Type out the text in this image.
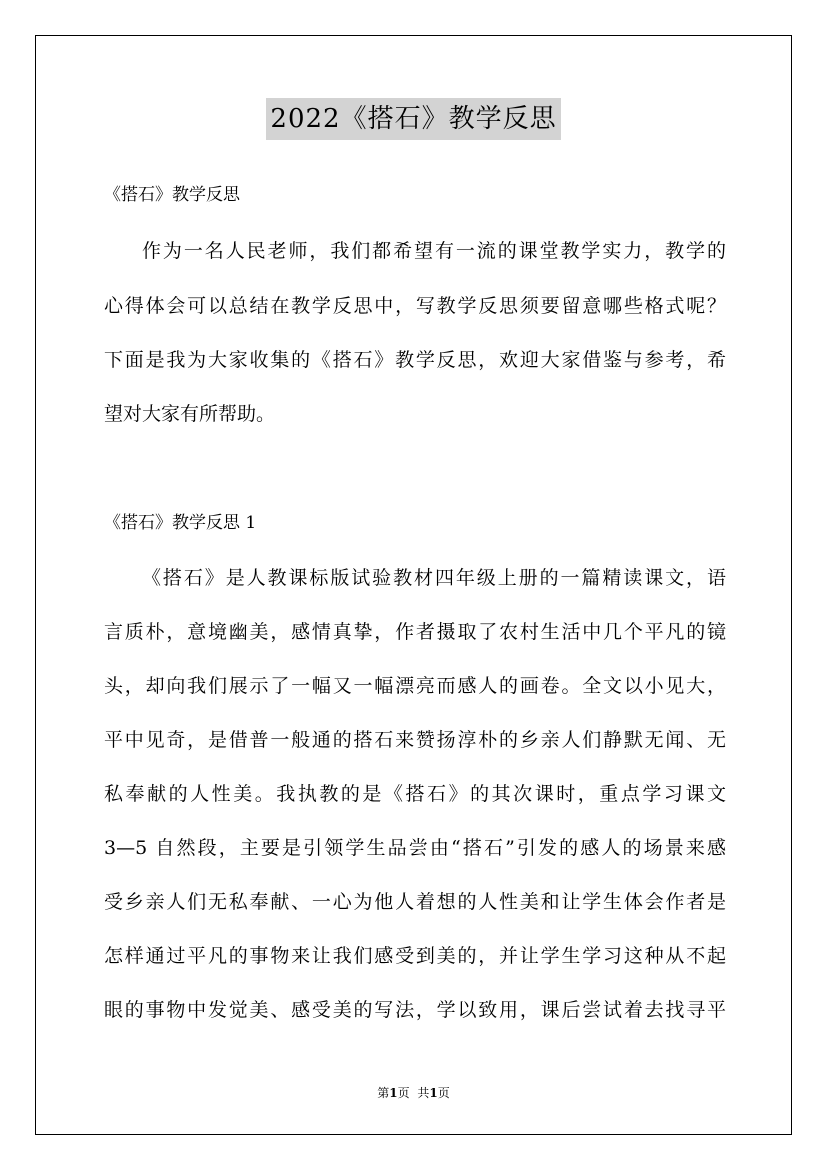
2022《搭石》教学反思
《搭石》教学反思
作为一名人民老师，我们都希望有一流的课堂教学实力，教学的
心得体会可以总结在教学反思中，写教学反思须要留意哪些格式呢？
下面是我为大家收集的《搭石》教学反思，欢迎大家借鉴与参考，希
望对大家有所帮助。
《搭石》教学反思 1
《搭石》是人教课标版试验教材四年级上册的一篇精读课文，语
言质朴，意境幽美，感情真挚，作者摄取了农村生活中几个平凡的镜
头，却向我们展示了一幅又一幅漂亮而感人的画卷。全文以小见大，
平中见奇，是借普一般通的搭石来赞扬淳朴的乡亲人们静默无闻、无
私奉献的人性美。我执教的是《搭石》的其次课时，重点学习课文
3—5 自然段，主要是引领学生品尝由“搭石”引发的感人的场景来感
受乡亲人们无私奉献、一心为他人着想的人性美和让学生体会作者是
怎样通过平凡的事物来让我们感受到美的，并让学生学习这种从不起
眼的事物中发觉美、感受美的写法，学以致用，课后尝试着去找寻平
第1页 共1页
